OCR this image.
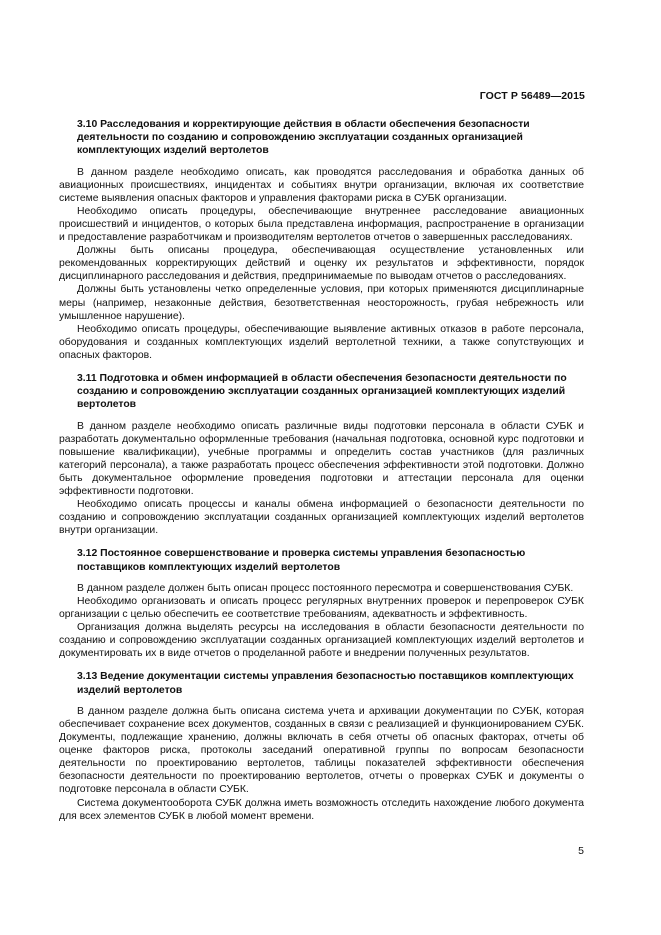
ГОСТ Р 56489—2015

3.10 Расследования и корректирующие действия в области обеспечения безопасности деятельности по созданию и сопровождению эксплуатации созданных организацией комплектующих изделий вертолетов

В данном разделе необходимо описать, как проводятся расследования и обработка данных об авиационных происшествиях, инцидентах и событиях внутри организации, включая их соответствие системе выявления опасных факторов и управления факторами риска в СУБК организации.

Необходимо описать процедуры, обеспечивающие внутреннее расследование авиационных происшествий и инцидентов, о которых была представлена информация, распространение в организации и предоставление разработчикам и производителям вертолетов отчетов о завершенных расследованиях.

Должны быть описаны процедура, обеспечивающая осуществление установленных или рекомендованных корректирующих действий и оценку их результатов и эффективности, порядок дисциплинарного расследования и действия, предпринимаемые по выводам отчетов о расследованиях.

Должны быть установлены четко определенные условия, при которых применяются дисциплинарные меры (например, незаконные действия, безответственная неосторожность, грубая небрежность или умышленное нарушение).

Необходимо описать процедуры, обеспечивающие выявление активных отказов в работе персонала, оборудования и созданных комплектующих изделий вертолетной техники, а также сопутствующих и опасных факторов.

3.11 Подготовка и обмен информацией в области обеспечения безопасности деятельности по созданию и сопровождению эксплуатации созданных организацией комплектующих изделий вертолетов

В данном разделе необходимо описать различные виды подготовки персонала в области СУБК и разработать документально оформленные требования (начальная подготовка, основной курс подготовки и повышение квалификации), учебные программы и определить состав участников (для различных категорий персонала), а также разработать процесс обеспечения эффективности этой подготовки. Должно быть документальное оформление проведения подготовки и аттестации персонала для оценки эффективности подготовки.

Необходимо описать процессы и каналы обмена информацией о безопасности деятельности по созданию и сопровождению эксплуатации созданных организацией комплектующих изделий вертолетов внутри организации.

3.12 Постоянное совершенствование и проверка системы управления безопасностью поставщиков комплектующих изделий вертолетов

В данном разделе должен быть описан процесс постоянного пересмотра и совершенствования СУБК.

Необходимо организовать и описать процесс регулярных внутренних проверок и перепроверок СУБК организации с целью обеспечить ее соответствие требованиям, адекватность и эффективность.

Организация должна выделять ресурсы на исследования в области безопасности деятельности по созданию и сопровождению эксплуатации созданных организацией комплектующих изделий вертолетов и документировать их в виде отчетов о проделанной работе и внедрении полученных результатов.

3.13 Ведение документации системы управления безопасностью поставщиков комплектующих изделий вертолетов

В данном разделе должна быть описана система учета и архивации документации по СУБК, которая обеспечивает сохранение всех документов, созданных в связи с реализацией и функционированием СУБК. Документы, подлежащие хранению, должны включать в себя отчеты об опасных факторах, отчеты об оценке факторов риска, протоколы заседаний оперативной группы по вопросам безопасности деятельности по проектированию вертолетов, таблицы показателей эффективности обеспечения безопасности деятельности по проектированию вертолетов, отчеты о проверках СУБК и документы о подготовке персонала в области СУБК.

Система документооборота СУБК должна иметь возможность отследить нахождение любого документа для всех элементов СУБК в любой момент времени.

5
